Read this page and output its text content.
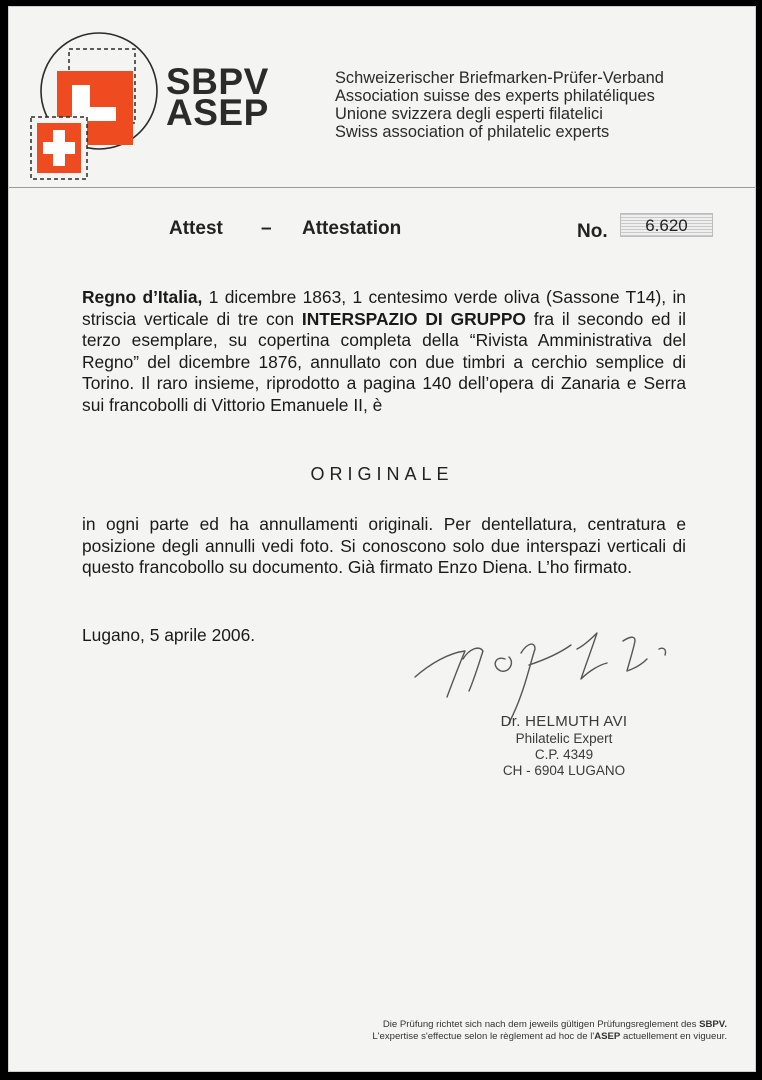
SBPV
ASEP
Schweizerischer Briefmarken-Prüfer-Verband
Association suisse des experts philatéliques
Unione svizzera degli esperti filatelici
Swiss association of philatelic experts
Attest – Attestation	No.	6.620
Regno d’Italia, 1 dicembre 1863, 1 centesimo verde oliva (Sassone T14), in striscia verticale di tre con INTERSPAZIO DI GRUPPO fra il secondo ed il terzo esemplare, su copertina completa della “Rivista Amministrativa del Regno” del dicembre 1876, annullato con due timbri a cerchio semplice di Torino. Il raro insieme, riprodotto a pagina 140 dell’opera di Zanaria e Serra sui francobolli di Vittorio Emanuele II, è
ORIGINALE
in ogni parte ed ha annullamenti originali. Per dentellatura, centratura e posizione degli annulli vedi foto. Si conoscono solo due interspazi verticali di questo francobollo su documento. Già firmato Enzo Diena. L’ho firmato.
Lugano, 5 aprile 2006.
Dr. HELMUTH AVI
Philatelic Expert
C.P. 4349
CH - 6904 LUGANO
Die Prüfung richtet sich nach dem jeweils gültigen Prüfungsreglement des SBPV.
L'expertise s'effectue selon le règlement ad hoc de l'ASEP actuellement en vigueur.
